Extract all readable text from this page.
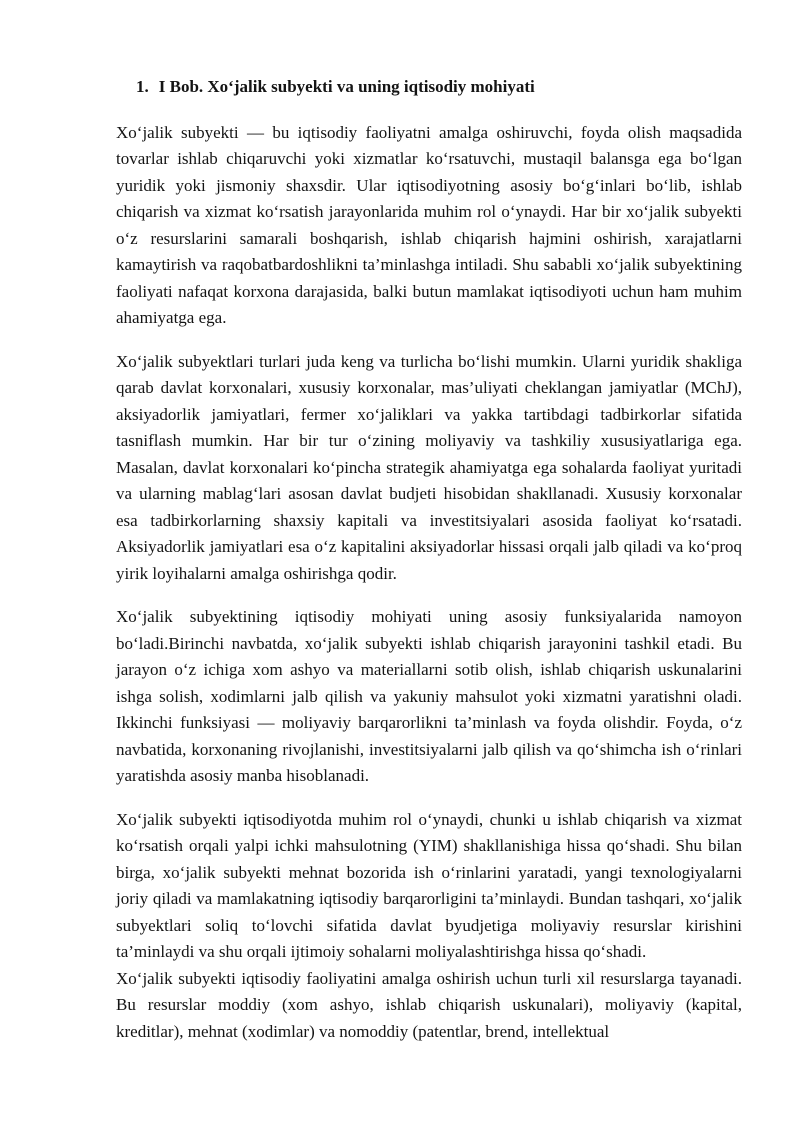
1. I Bob. Xo‘jalik subyekti va uning iqtisodiy mohiyati

Xo‘jalik subyekti — bu iqtisodiy faoliyatni amalga oshiruvchi, foyda olish maqsadida tovarlar ishlab chiqaruvchi yoki xizmatlar ko‘rsatuvchi, mustaqil balansga ega bo‘lgan yuridik yoki jismoniy shaxsdir. Ular iqtisodiyotning asosiy bo‘g‘inlari bo‘lib, ishlab chiqarish va xizmat ko‘rsatish jarayonlarida muhim rol o‘ynaydi. Har bir xo‘jalik subyekti o‘z resurslarini samarali boshqarish, ishlab chiqarish hajmini oshirish, xarajatlarni kamaytirish va raqobatbardoshlikni ta’minlashga intiladi. Shu sababli xo‘jalik subyektining faoliyati nafaqat korxona darajasida, balki butun mamlakat iqtisodiyoti uchun ham muhim ahamiyatga ega.

Xo‘jalik subyektlari turlari juda keng va turlicha bo‘lishi mumkin. Ularni yuridik shakliga qarab davlat korxonalari, xususiy korxonalar, mas’uliyati cheklangan jamiyatlar (MChJ), aksiyadorlik jamiyatlari, fermer xo‘jaliklari va yakka tartibdagi tadbirkorlar sifatida tasniflash mumkin. Har bir tur o‘zining moliyaviy va tashkiliy xususiyatlariga ega. Masalan, davlat korxonalari ko‘pincha strategik ahamiyatga ega sohalarda faoliyat yuritadi va ularning mablag‘lari asosan davlat budjeti hisobidan shakllanadi. Xususiy korxonalar esa tadbirkorlarning shaxsiy kapitali va investitsiyalari asosida faoliyat ko‘rsatadi. Aksiyadorlik jamiyatlari esa o‘z kapitalini aksiyadorlar hissasi orqali jalb qiladi va ko‘proq yirik loyihalarni amalga oshirishga qodir.

Xo‘jalik subyektining iqtisodiy mohiyati uning asosiy funksiyalarida namoyon bo‘ladi.Birinchi navbatda, xo‘jalik subyekti ishlab chiqarish jarayonini tashkil etadi. Bu jarayon o‘z ichiga xom ashyo va materiallarni sotib olish, ishlab chiqarish uskunalarini ishga solish, xodimlarni jalb qilish va yakuniy mahsulot yoki xizmatni yaratishni oladi. Ikkinchi funksiyasi — moliyaviy barqarorlikni ta’minlash va foyda olishdir. Foyda, o‘z navbatida, korxonaning rivojlanishi, investitsiyalarni jalb qilish va qo‘shimcha ish o‘rinlari yaratishda asosiy manba hisoblanadi.

Xo‘jalik subyekti iqtisodiyotda muhim rol o‘ynaydi, chunki u ishlab chiqarish va xizmat ko‘rsatish orqali yalpi ichki mahsulotning (YIM) shakllanishiga hissa qo‘shadi. Shu bilan birga, xo‘jalik subyekti mehnat bozorida ish o‘rinlarini yaratadi, yangi texnologiyalarni joriy qiladi va mamlakatning iqtisodiy barqarorligini ta’minlaydi. Bundan tashqari, xo‘jalik subyektlari soliq to‘lovchi sifatida davlat byudjetiga moliyaviy resurslar kirishini ta’minlaydi va shu orqali ijtimoiy sohalarni moliyalashtirishga hissa qo‘shadi.

Xo‘jalik subyekti iqtisodiy faoliyatini amalga oshirish uchun turli xil resurslarga tayanadi. Bu resurslar moddiy (xom ashyo, ishlab chiqarish uskunalari), moliyaviy (kapital, kreditlar), mehnat (xodimlar) va nomoddiy (patentlar, brend, intellektual
